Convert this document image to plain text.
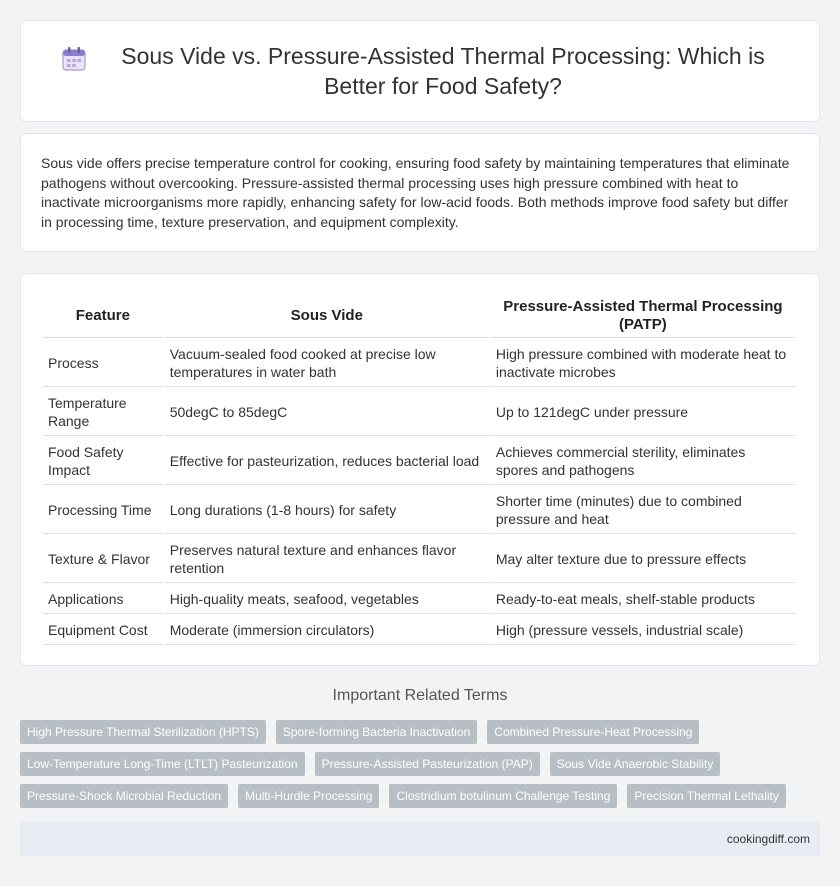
Sous Vide vs. Pressure-Assisted Thermal Processing: Which is Better for Food Safety?

Sous vide offers precise temperature control for cooking, ensuring food safety by maintaining temperatures that eliminate pathogens without overcooking. Pressure-assisted thermal processing uses high pressure combined with heat to inactivate microorganisms more rapidly, enhancing safety for low-acid foods. Both methods improve food safety but differ in processing time, texture preservation, and equipment complexity.

Feature	Sous Vide	Pressure-Assisted Thermal Processing (PATP)
Process	Vacuum-sealed food cooked at precise low temperatures in water bath	High pressure combined with moderate heat to inactivate microbes
Temperature Range	50degC to 85degC	Up to 121degC under pressure
Food Safety Impact	Effective for pasteurization, reduces bacterial load	Achieves commercial sterility, eliminates spores and pathogens
Processing Time	Long durations (1-8 hours) for safety	Shorter time (minutes) due to combined pressure and heat
Texture & Flavor	Preserves natural texture and enhances flavor retention	May alter texture due to pressure effects
Applications	High-quality meats, seafood, vegetables	Ready-to-eat meals, shelf-stable products
Equipment Cost	Moderate (immersion circulators)	High (pressure vessels, industrial scale)
Important Related Terms
High Pressure Thermal Sterilization (HPTS)	Spore-forming Bacteria Inactivation	Combined Pressure-Heat Processing
Low-Temperature Long-Time (LTLT) Pasteurization	Pressure-Assisted Pasteurization (PAP)	Sous Vide Anaerobic Stability
Pressure-Shock Microbial Reduction	Multi-Hurdle Processing	Clostridium botulinum Challenge Testing	Precision Thermal Lethality
cookingdiff.com
